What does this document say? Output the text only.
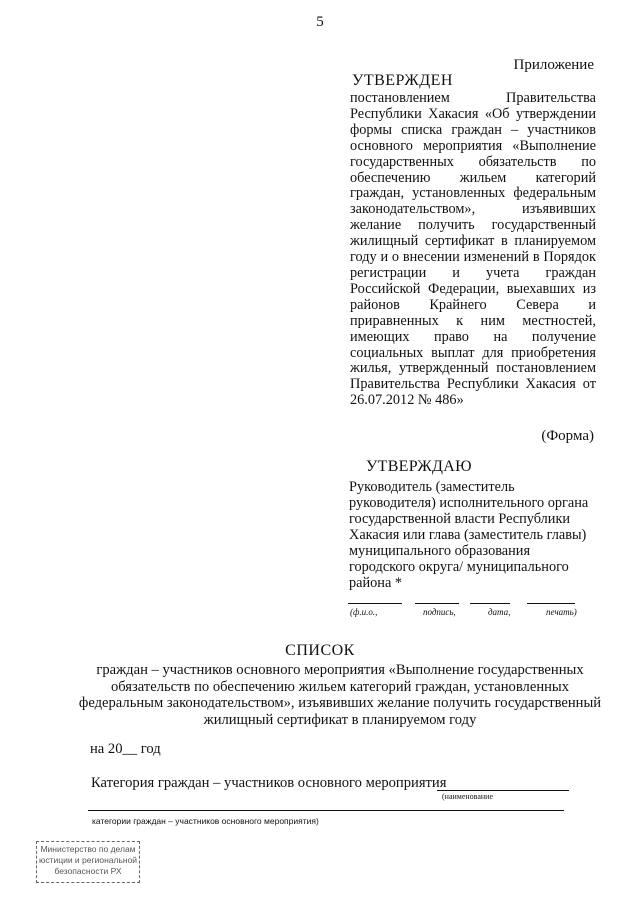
5
Приложение
УТВЕРЖДЕН
постановлением Правительства Республики Хакасия «Об утверждении формы списка граждан – участников основного мероприятия «Выполнение государственных обязательств по обеспечению жильем категорий граждан, установленных федеральным законодательством», изъявивших желание получить государственный жилищный сертификат в планируемом году и о внесении изменений в Порядок регистрации и учета граждан Российской Федерации, выехавших из районов Крайнего Севера и приравненных к ним местностей, имеющих право на получение социальных выплат для приобретения жилья, утвержденный постановлением Правительства Республики Хакасия от 26.07.2012 № 486»
(Форма)
УТВЕРЖДАЮ
Руководитель (заместитель руководителя) исполнительного органа государственной власти Республики Хакасия или глава (заместитель главы) муниципального образования городского округа/ муниципального района *
(ф.и.о.,	подпись,	дата,	печать)
СПИСОК
граждан – участников основного мероприятия «Выполнение государственных обязательств по обеспечению жильем категорий граждан, установленных федеральным законодательством», изъявивших желание получить государственный жилищный сертификат в планируемом году
на 20__ год
Категория граждан – участников основного мероприятия
(наименование
категории граждан – участников основного мероприятия)
Министерство по делам
юстиции и региональной
безопасности РХ
